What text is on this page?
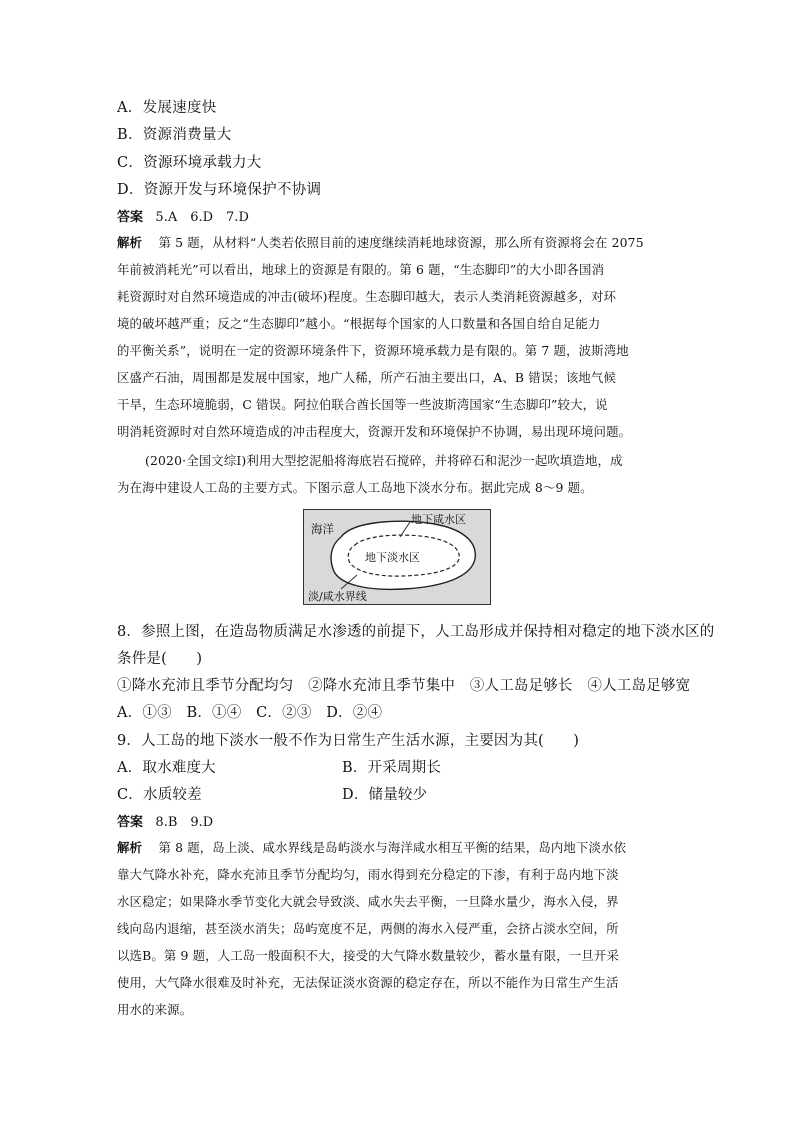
A．发展速度快
B．资源消费量大
C．资源环境承载力大
D．资源开发与环境保护不协调
答案 5.A　6.D　7.D
解析 第 5 题，从材料“人类若依照目前的速度继续消耗地球资源，那么所有资源将会在 2075
年前被消耗光”可以看出，地球上的资源是有限的。第 6 题，“生态脚印”的大小即各国消
耗资源时对自然环境造成的冲击(破坏)程度。生态脚印越大，表示人类消耗资源越多，对环
境的破坏越严重；反之“生态脚印”越小。“根据每个国家的人口数量和各国自给自足能力
的平衡关系”，说明在一定的资源环境条件下，资源环境承载力是有限的。第 7 题，波斯湾地
区盛产石油，周围都是发展中国家，地广人稀，所产石油主要出口，A、B 错误；该地气候
干旱，生态环境脆弱，C 错误。阿拉伯联合酋长国等一些波斯湾国家“生态脚印”较大，说
明消耗资源时对自然环境造成的冲击程度大，资源开发和环境保护不协调，易出现环境问题。
(2020·全国文综Ⅰ)利用大型挖泥船将海底岩石搅碎，并将碎石和泥沙一起吹填造地，成
为在海中建设人工岛的主要方式。下图示意人工岛地下淡水分布。据此完成 8～9 题。
海洋
地下咸水区
地下淡水区
淡/咸水界线
8．参照上图，在造岛物质满足水渗透的前提下，人工岛形成并保持相对稳定的地下淡水区的
条件是(　　)
①降水充沛且季节分配均匀　②降水充沛且季节集中　③人工岛足够长　④人工岛足够宽
A．①③　B．①④　C．②③　D．②④
9．人工岛的地下淡水一般不作为日常生产生活水源，主要因为其(　　)
A．取水难度大	B．开采周期长
C．水质较差	D．储量较少
答案 8.B　9.D
解析 第 8 题，岛上淡、咸水界线是岛屿淡水与海洋咸水相互平衡的结果，岛内地下淡水依
靠大气降水补充，降水充沛且季节分配均匀，雨水得到充分稳定的下渗，有利于岛内地下淡
水区稳定；如果降水季节变化大就会导致淡、咸水失去平衡，一旦降水量少，海水入侵，界
线向岛内退缩，甚至淡水消失；岛屿宽度不足，两侧的海水入侵严重，会挤占淡水空间，所
以选B。第 9 题，人工岛一般面积不大，接受的大气降水数量较少，蓄水量有限，一旦开采
使用，大气降水很难及时补充，无法保证淡水资源的稳定存在，所以不能作为日常生产生活
用水的来源。
